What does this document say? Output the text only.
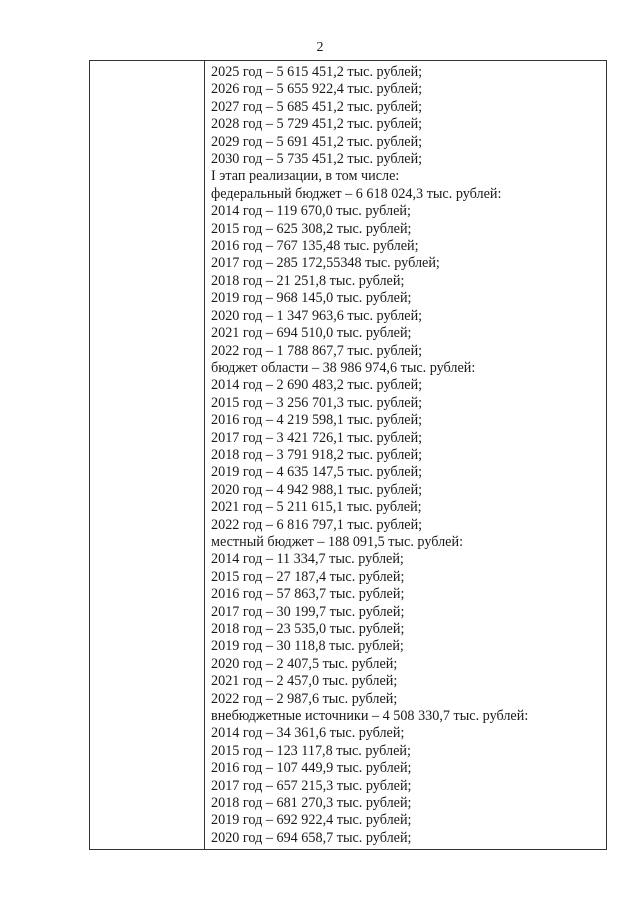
2
2025 год – 5 615 451,2 тыс. рублей;
2026 год – 5 655 922,4 тыс. рублей;
2027 год – 5 685 451,2 тыс. рублей;
2028 год – 5 729 451,2 тыс. рублей;
2029 год – 5 691 451,2 тыс. рублей;
2030 год – 5 735 451,2 тыс. рублей;
I этап реализации, в том числе:
федеральный бюджет – 6 618 024,3 тыс. рублей:
2014 год – 119 670,0 тыс. рублей;
2015 год – 625 308,2 тыс. рублей;
2016 год – 767 135,48 тыс. рублей;
2017 год – 285 172,55348 тыс. рублей;
2018 год – 21 251,8 тыс. рублей;
2019 год – 968 145,0 тыс. рублей;
2020 год – 1 347 963,6 тыс. рублей;
2021 год – 694 510,0 тыс. рублей;
2022 год – 1 788 867,7 тыс. рублей;
бюджет области – 38 986 974,6 тыс. рублей:
2014 год – 2 690 483,2 тыс. рублей;
2015 год – 3 256 701,3 тыс. рублей;
2016 год – 4 219 598,1 тыс. рублей;
2017 год – 3 421 726,1 тыс. рублей;
2018 год – 3 791 918,2 тыс. рублей;
2019 год – 4 635 147,5 тыс. рублей;
2020 год – 4 942 988,1 тыс. рублей;
2021 год – 5 211 615,1 тыс. рублей;
2022 год – 6 816 797,1 тыс. рублей;
местный бюджет – 188 091,5 тыс. рублей:
2014 год – 11 334,7 тыс. рублей;
2015 год – 27 187,4 тыс. рублей;
2016 год – 57 863,7 тыс. рублей;
2017 год – 30 199,7 тыс. рублей;
2018 год – 23 535,0 тыс. рублей;
2019 год – 30 118,8 тыс. рублей;
2020 год – 2 407,5 тыс. рублей;
2021 год – 2 457,0 тыс. рублей;
2022 год – 2 987,6 тыс. рублей;
внебюджетные источники – 4 508 330,7 тыс. рублей:
2014 год – 34 361,6 тыс. рублей;
2015 год – 123 117,8 тыс. рублей;
2016 год – 107 449,9 тыс. рублей;
2017 год – 657 215,3 тыс. рублей;
2018 год – 681 270,3 тыс. рублей;
2019 год – 692 922,4 тыс. рублей;
2020 год – 694 658,7 тыс. рублей;
